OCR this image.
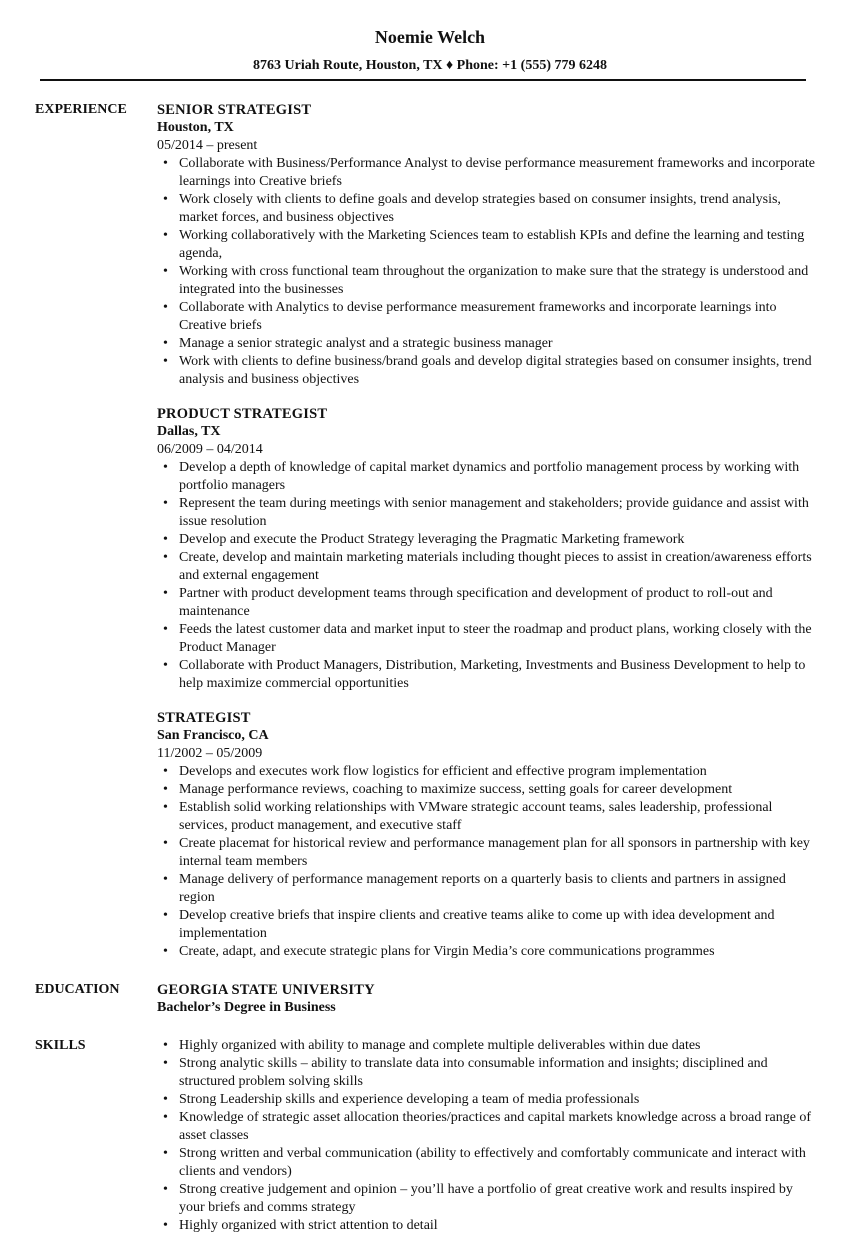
Noemie Welch
8763 Uriah Route, Houston, TX ♦ Phone: +1 (555) 779 6248
EXPERIENCE	SENIOR STRATEGIST
Houston, TX
05/2014 – present
• Collaborate with Business/Performance Analyst to devise performance measurement frameworks and incorporate learnings into Creative briefs
• Work closely with clients to define goals and develop strategies based on consumer insights, trend analysis, market forces, and business objectives
• Working collaboratively with the Marketing Sciences team to establish KPIs and define the learning and testing agenda,
• Working with cross functional team throughout the organization to make sure that the strategy is understood and integrated into the businesses
• Collaborate with Analytics to devise performance measurement frameworks and incorporate learnings into Creative briefs
• Manage a senior strategic analyst and a strategic business manager
• Work with clients to define business/brand goals and develop digital strategies based on consumer insights, trend analysis and business objectives
PRODUCT STRATEGIST
Dallas, TX
06/2009 – 04/2014
• Develop a depth of knowledge of capital market dynamics and portfolio management process by working with portfolio managers
• Represent the team during meetings with senior management and stakeholders; provide guidance and assist with issue resolution
• Develop and execute the Product Strategy leveraging the Pragmatic Marketing framework
• Create, develop and maintain marketing materials including thought pieces to assist in creation/awareness efforts and external engagement
• Partner with product development teams through specification and development of product to roll-out and maintenance
• Feeds the latest customer data and market input to steer the roadmap and product plans, working closely with the Product Manager
• Collaborate with Product Managers, Distribution, Marketing, Investments and Business Development to help to help maximize commercial opportunities
STRATEGIST
San Francisco, CA
11/2002 – 05/2009
• Develops and executes work flow logistics for efficient and effective program implementation
• Manage performance reviews, coaching to maximize success, setting goals for career development
• Establish solid working relationships with VMware strategic account teams, sales leadership, professional services, product management, and executive staff
• Create placemat for historical review and performance management plan for all sponsors in partnership with key internal team members
• Manage delivery of performance management reports on a quarterly basis to clients and partners in assigned region
• Develop creative briefs that inspire clients and creative teams alike to come up with idea development and implementation
• Create, adapt, and execute strategic plans for Virgin Media’s core communications programmes
EDUCATION	GEORGIA STATE UNIVERSITY
Bachelor’s Degree in Business
SKILLS
•	Highly organized with ability to manage and complete multiple deliverables within due dates
• Strong analytic skills – ability to translate data into consumable information and insights; disciplined and structured problem solving skills
• Strong Leadership skills and experience developing a team of media professionals
• Knowledge of strategic asset allocation theories/practices and capital markets knowledge across a broad range of asset classes
• Strong written and verbal communication (ability to effectively and comfortably communicate and interact with clients and vendors)
• Strong creative judgement and opinion – you’ll have a portfolio of great creative work and results inspired by your briefs and comms strategy
• Highly organized with strict attention to detail
